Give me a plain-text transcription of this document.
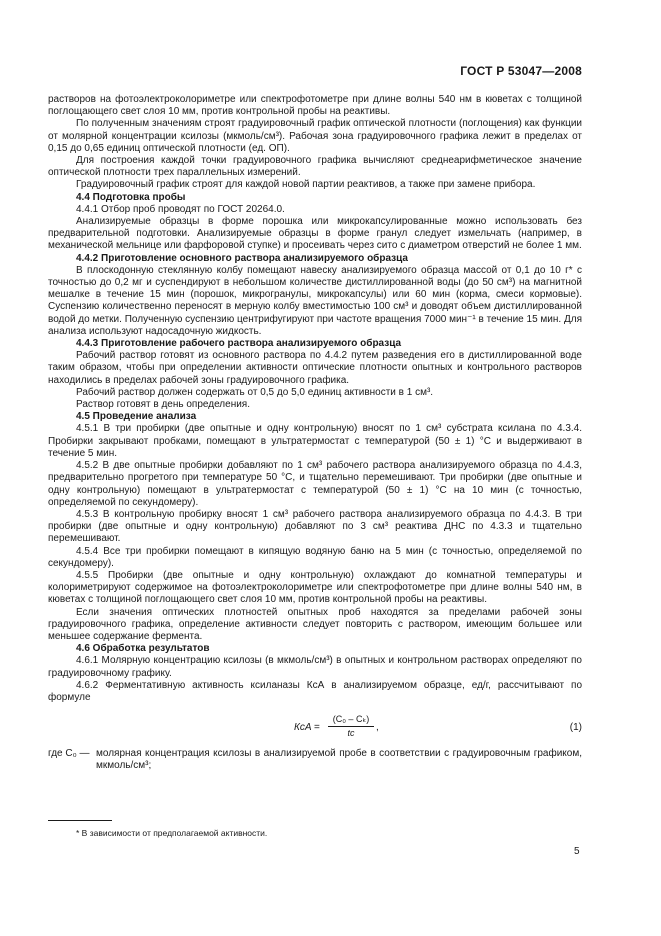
ГОСТ Р 53047—2008

растворов на фотоэлектроколориметре или спектрофотометре при длине волны 540 нм в кюветах с толщиной поглощающего свет слоя 10 мм, против контрольной пробы на реактивы.

По полученным значениям строят градуировочный график оптической плотности (поглощения) как функции от молярной концентрации ксилозы (мкмоль/см³). Рабочая зона градуировочного графика лежит в пределах от 0,15 до 0,65 единиц оптической плотности (ед. ОП).

Для построения каждой точки градуировочного графика вычисляют среднеарифметическое значение оптической плотности трех параллельных измерений.

Градуировочный график строят для каждой новой партии реактивов, а также при замене прибора.

4.4 Подготовка пробы

4.4.1 Отбор проб проводят по ГОСТ 20264.0.

Анализируемые образцы в форме порошка или микрокапсулированные можно использовать без предварительной подготовки. Анализируемые образцы в форме гранул следует измельчать (например, в механической мельнице или фарфоровой ступке) и просеивать через сито с диаметром отверстий не более 1 мм.

4.4.2 Приготовление основного раствора анализируемого образца

В плоскодонную стеклянную колбу помещают навеску анализируемого образца массой от 0,1 до 10 г* с точностью до 0,2 мг и суспендируют в небольшом количестве дистиллированной воды (до 50 см³) на магнитной мешалке в течение 15 мин (порошок, микрогранулы, микрокапсулы) или 60 мин (корма, смеси кормовые). Суспензию количественно переносят в мерную колбу вместимостью 100 см³ и доводят объем дистиллированной водой до метки. Полученную суспензию центрифугируют при частоте вращения 7000 мин⁻¹ в течение 15 мин. Для анализа используют надосадочную жидкость.

4.4.3 Приготовление рабочего раствора анализируемого образца

Рабочий раствор готовят из основного раствора по 4.4.2 путем разведения его в дистиллированной воде таким образом, чтобы при определении активности оптические плотности опытных и контрольного растворов находились в пределах рабочей зоны градуировочного графика.

Рабочий раствор должен содержать от 0,5 до 5,0 единиц активности в 1 см³.

Раствор готовят в день определения.

4.5 Проведение анализа

4.5.1 В три пробирки (две опытные и одну контрольную) вносят по 1 см³ субстрата ксилана по 4.3.4. Пробирки закрывают пробками, помещают в ультратермостат с температурой (50 ± 1) °С и выдерживают в течение 5 мин.

4.5.2 В две опытные пробирки добавляют по 1 см³ рабочего раствора анализируемого образца по 4.4.3, предварительно прогретого при температуре 50 °С, и тщательно перемешивают. Три пробирки (две опытные и одну контрольную) помещают в ультратермостат с температурой (50 ± 1) °С на 10 мин (с точностью, определяемой по секундомеру).

4.5.3 В контрольную пробирку вносят 1 см³ рабочего раствора анализируемого образца по 4.4.3. В три пробирки (две опытные и одну контрольную) добавляют по 3 см³ реактива ДНС по 4.3.3 и тщательно перемешивают.

4.5.4 Все три пробирки помещают в кипящую водяную баню на 5 мин (с точностью, определяемой по секундомеру).

4.5.5 Пробирки (две опытные и одну контрольную) охлаждают до комнатной температуры и колориметрируют содержимое на фотоэлектроколориметре или спектрофотометре при длине волны 540 нм, в кюветах с толщиной поглощающего свет слоя 10 мм, против контрольной пробы на реактивы.

Если значения оптических плотностей опытных проб находятся за пределами рабочей зоны градуировочного графика, определение активности следует повторить с раствором, имеющим большее или меньшее содержание фермента.

4.6 Обработка результатов

4.6.1 Молярную концентрацию ксилозы (в мкмоль/см³) в опытных и контрольном растворах определяют по градуировочному графику.

4.6.2 Ферментативную активность ксиланазы КсА в анализируемом образце, ед/г, рассчитывают по формуле

КсА =
(C₀ – Cₖ)
tc	,	(1)
где C₀ — молярная концентрация ксилозы в анализируемой пробе в соответствии с градуировочным графиком, мкмоль/см³;
* В зависимости от предполагаемой активности.
5
